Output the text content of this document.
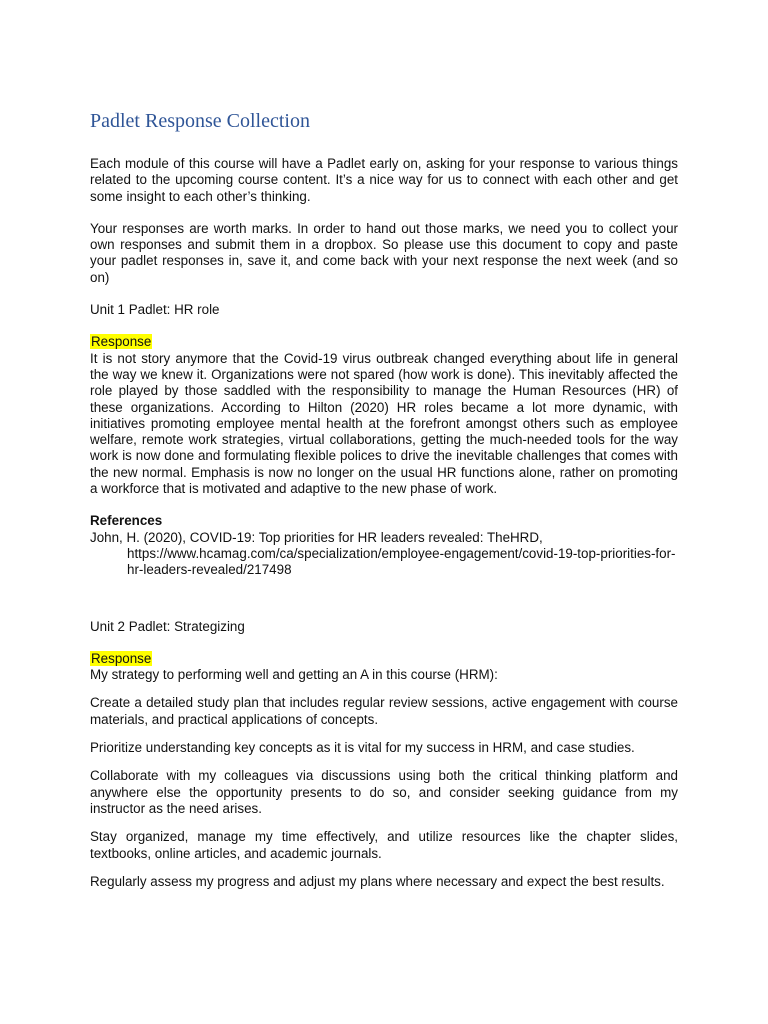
Padlet Response Collection

Each module of this course will have a Padlet early on, asking for your response to various things related to the upcoming course content. It’s a nice way for us to connect with each other and get some insight to each other’s thinking.

Your responses are worth marks. In order to hand out those marks, we need you to collect your own responses and submit them in a dropbox. So please use this document to copy and paste your padlet responses in, save it, and come back with your next response the next week (and so on)

Unit 1 Padlet: HR role

Response

It is not story anymore that the Covid-19 virus outbreak changed everything about life in general the way we knew it. Organizations were not spared (how work is done). This inevitably affected the role played by those saddled with the responsibility to manage the Human Resources (HR) of these organizations. According to Hilton (2020) HR roles became a lot more dynamic, with initiatives promoting employee mental health at the forefront amongst others such as employee welfare, remote work strategies, virtual collaborations, getting the much-needed tools for the way work is now done and formulating flexible polices to drive the inevitable challenges that comes with the new normal. Emphasis is now no longer on the usual HR functions alone, rather on promoting a workforce that is motivated and adaptive to the new phase of work.

References

John, H. (2020), COVID-19: Top priorities for HR leaders revealed: TheHRD, https://www.hcamag.com/ca/specialization/employee-engagement/covid-19-top-priorities-for-hr-leaders-revealed/217498

Unit 2 Padlet: Strategizing

Response

My strategy to performing well and getting an A in this course (HRM):

Create a detailed study plan that includes regular review sessions, active engagement with course materials, and practical applications of concepts.

Prioritize understanding key concepts as it is vital for my success in HRM, and case studies.

Collaborate with my colleagues via discussions using both the critical thinking platform and anywhere else the opportunity presents to do so, and consider seeking guidance from my instructor as the need arises.

Stay organized, manage my time effectively, and utilize resources like the chapter slides, textbooks, online articles, and academic journals.

Regularly assess my progress and adjust my plans where necessary and expect the best results.
